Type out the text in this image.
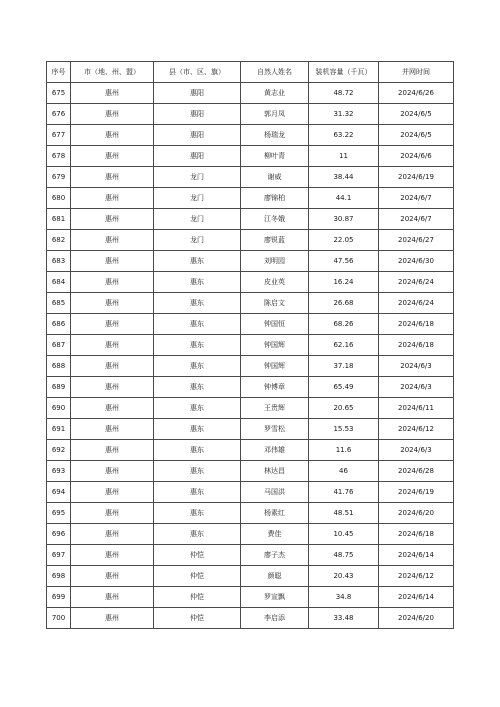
序号	市（地、州、盟）	县（市、区、旗）	自然人姓名	装机容量（千瓦）	并网时间
675	惠州	惠阳	黄志业	48.72	2024/6/26
676	惠州	惠阳	郭月凤	31.32	2024/6/5
677	惠州	惠阳	杨瑞龙	63.22	2024/6/5
678	惠州	惠阳	柳叶青	11	2024/6/6
679	惠州	龙门	谢威	38.44	2024/6/19
680	惠州	龙门	廖锦柏	44.1	2024/6/7
681	惠州	龙门	江冬娥	30.87	2024/6/7
682	惠州	龙门	廖锐蓝	22.05	2024/6/27
683	惠州	惠东	刘明园	47.56	2024/6/30
684	惠州	惠东	皮业英	16.24	2024/6/24
685	惠州	惠东	陈启文	26.68	2024/6/24
686	惠州	惠东	钟国恒	68.26	2024/6/18
687	惠州	惠东	钟国辉	62.16	2024/6/18
688	惠州	惠东	钟国辉	37.18	2024/6/3
689	惠州	惠东	钟博章	65.49	2024/6/3
690	惠州	惠东	王贵辉	20.65	2024/6/11
691	惠州	惠东	罗雪松	15.53	2024/6/12
692	惠州	惠东	邓伟雄	11.6	2024/6/3
693	惠州	惠东	林达昌	46	2024/6/28
694	惠州	惠东	马国洪	41.76	2024/6/19
695	惠州	惠东	杨素红	48.51	2024/6/20
696	惠州	惠东	费佳	10.45	2024/6/18
697	惠州	仲恺	廖子杰	48.75	2024/6/14
698	惠州	仲恺	颜聪	20.43	2024/6/12
699	惠州	仲恺	罗宣飘	34.8	2024/6/14
700	惠州	仲恺	李启添	33.48	2024/6/20
